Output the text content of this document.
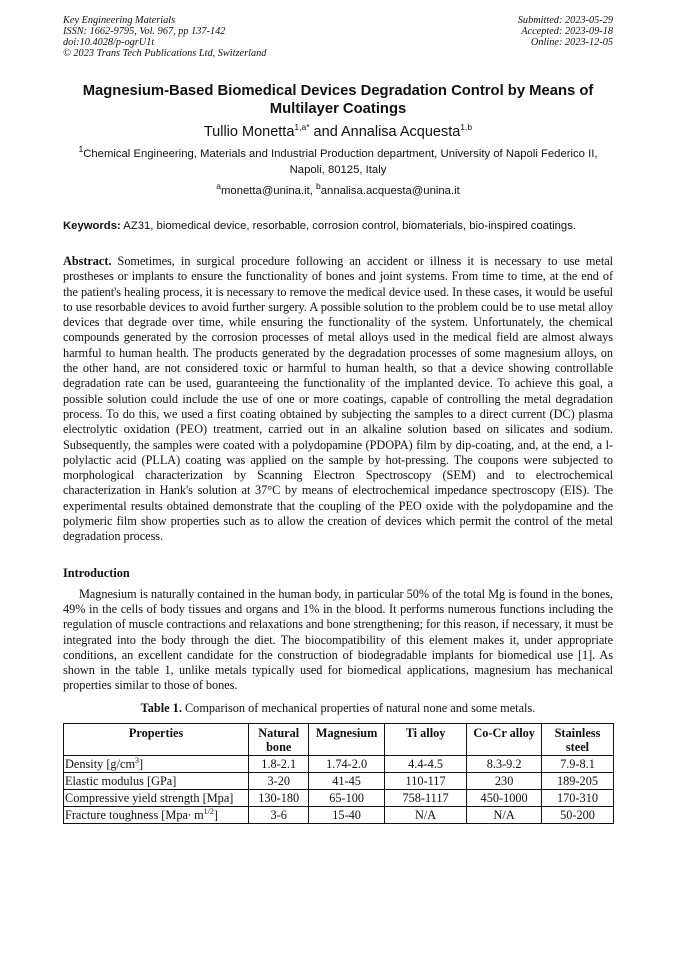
Key Engineering Materials
ISSN: 1662-9795, Vol. 967, pp 137-142
doi:10.4028/p-ogrU1t
© 2023 Trans Tech Publications Ltd, Switzerland
Submitted: 2023-05-29
Accepted: 2023-09-18
Online: 2023-12-05
Magnesium-Based Biomedical Devices Degradation Control by Means of Multilayer Coatings
Tullio Monetta$^{1,a*}$ and Annalisa Acquesta$^{1,b}$
$^1$Chemical Engineering, Materials and Industrial Production department, University of Napoli Federico II, Napoli, 80125, Italy
$^a$monetta@unina.it, $^b$annalisa.acquesta@unina.it
Keywords: AZ31, biomedical device, resorbable, corrosion control, biomaterials, bio-inspired coatings.
Abstract. Sometimes, in surgical procedure following an accident or illness it is necessary to use metal prostheses or implants to ensure the functionality of bones and joint systems. From time to time, at the end of the patient's healing process, it is necessary to remove the medical device used. In these cases, it would be useful to use resorbable devices to avoid further surgery. A possible solution to the problem could be to use metal alloy devices that degrade over time, while ensuring the functionality of the system. Unfortunately, the chemical compounds generated by the corrosion processes of metal alloys used in the medical field are almost always harmful to human health. The products generated by the degradation processes of some magnesium alloys, on the other hand, are not considered toxic or harmful to human health, so that a device showing controllable degradation rate can be used, guaranteeing the functionality of the implanted device. To achieve this goal, a possible solution could include the use of one or more coatings, capable of controlling the metal degradation process. To do this, we used a first coating obtained by subjecting the samples to a direct current (DC) plasma electrolytic oxidation (PEO) treatment, carried out in an alkaline solution based on silicates and sodium. Subsequently, the samples were coated with a polydopamine (PDOPA) film by dip-coating, and, at the end, a l-polylactic acid (PLLA) coating was applied on the sample by hot-pressing. The coupons were subjected to morphological characterization by Scanning Electron Spectroscopy (SEM) and to electrochemical characterization in Hank's solution at 37°C by means of electrochemical impedance spectroscopy (EIS). The experimental results obtained demonstrate that the coupling of the PEO oxide with the polydopamine and the polymeric film show properties such as to allow the creation of devices which permit the control of the metal degradation process.
Introduction
Magnesium is naturally contained in the human body, in particular 50% of the total Mg is found in the bones, 49% in the cells of body tissues and organs and 1% in the blood. It performs numerous functions including the regulation of muscle contractions and relaxations and bone strengthening; for this reason, if necessary, it must be integrated into the body through the diet. The biocompatibility of this element makes it, under appropriate conditions, an excellent candidate for the construction of biodegradable implants for biomedical use [1]. As shown in the table 1, unlike metals typically used for biomedical applications, magnesium has mechanical properties similar to those of bones.
Table 1. Comparison of mechanical properties of natural none and some metals.
Properties	Natural bone	Magnesium	Ti alloy	Co-Cr alloy	Stainless steel
Density $[g/cm^3]$	1.8-2.1	1.74-2.0	4.4-4.5	8.3-9.2	7.9-8.1
Elastic modulus [GPa]	3-20	41-45	110-117	230	189-205
Compressive yield strength [Mpa]	130-180	65-100	758-1117	450-1000	170-310
Fracture toughness $[Mpa\cdot m^{1/2}]$	3-6	15-40	N/A	N/A	50-200
